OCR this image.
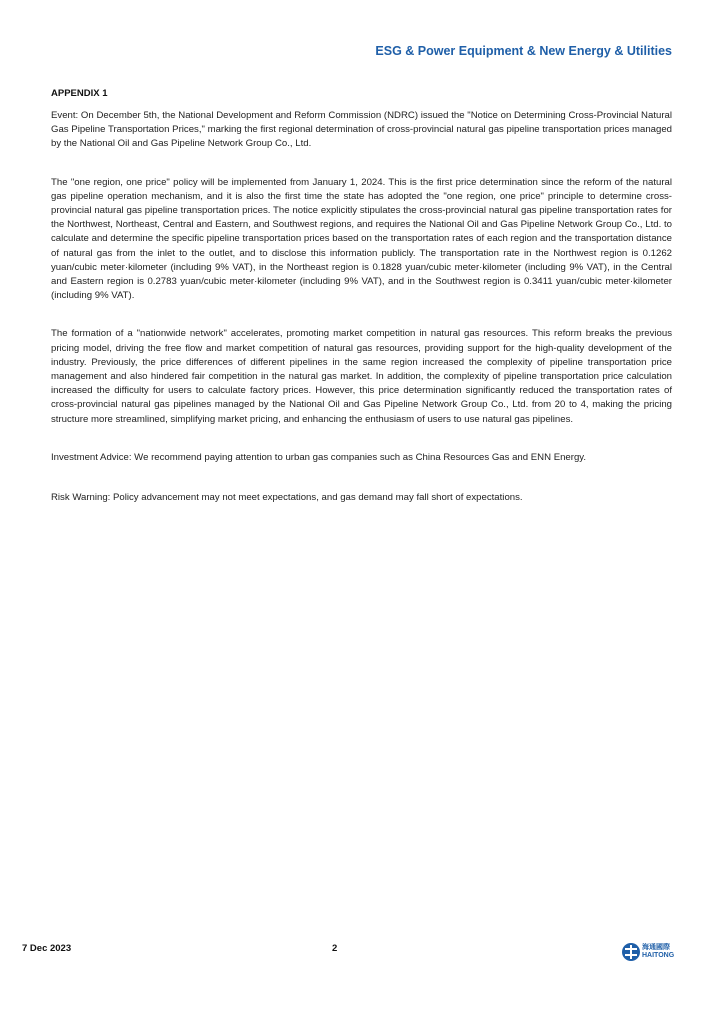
ESG & Power Equipment & New Energy & Utilities
APPENDIX 1

Event: On December 5th, the National Development and Reform Commission (NDRC) issued the "Notice on Determining Cross-Provincial Natural Gas Pipeline Transportation Prices," marking the first regional determination of cross-provincial natural gas pipeline transportation prices managed by the National Oil and Gas Pipeline Network Group Co., Ltd.

The "one region, one price" policy will be implemented from January 1, 2024. This is the first price determination since the reform of the natural gas pipeline operation mechanism, and it is also the first time the state has adopted the "one region, one price" principle to determine cross-provincial natural gas pipeline transportation prices. The notice explicitly stipulates the cross-provincial natural gas pipeline transportation rates for the Northwest, Northeast, Central and Eastern, and Southwest regions, and requires the National Oil and Gas Pipeline Network Group Co., Ltd. to calculate and determine the specific pipeline transportation prices based on the transportation rates of each region and the transportation distance of natural gas from the inlet to the outlet, and to disclose this information publicly. The transportation rate in the Northwest region is 0.1262 yuan/cubic meter·kilometer (including 9% VAT), in the Northeast region is 0.1828 yuan/cubic meter·kilometer (including 9% VAT), in the Central and Eastern region is 0.2783 yuan/cubic meter·kilometer (including 9% VAT), and in the Southwest region is 0.3411 yuan/cubic meter·kilometer (including 9% VAT).

The formation of a "nationwide network" accelerates, promoting market competition in natural gas resources. This reform breaks the previous pricing model, driving the free flow and market competition of natural gas resources, providing support for the high-quality development of the industry. Previously, the price differences of different pipelines in the same region increased the complexity of pipeline transportation price management and also hindered fair competition in the natural gas market. In addition, the complexity of pipeline transportation price calculation increased the difficulty for users to calculate factory prices. However, this price determination significantly reduced the transportation rates of cross-provincial natural gas pipelines managed by the National Oil and Gas Pipeline Network Group Co., Ltd. from 20 to 4, making the pricing structure more streamlined, simplifying market pricing, and enhancing the enthusiasm of users to use natural gas pipelines.

Investment Advice: We recommend paying attention to urban gas companies such as China Resources Gas and ENN Energy.

Risk Warning: Policy advancement may not meet expectations, and gas demand may fall short of expectations.

7 Dec 2023	2	海通國際
HAITONG
